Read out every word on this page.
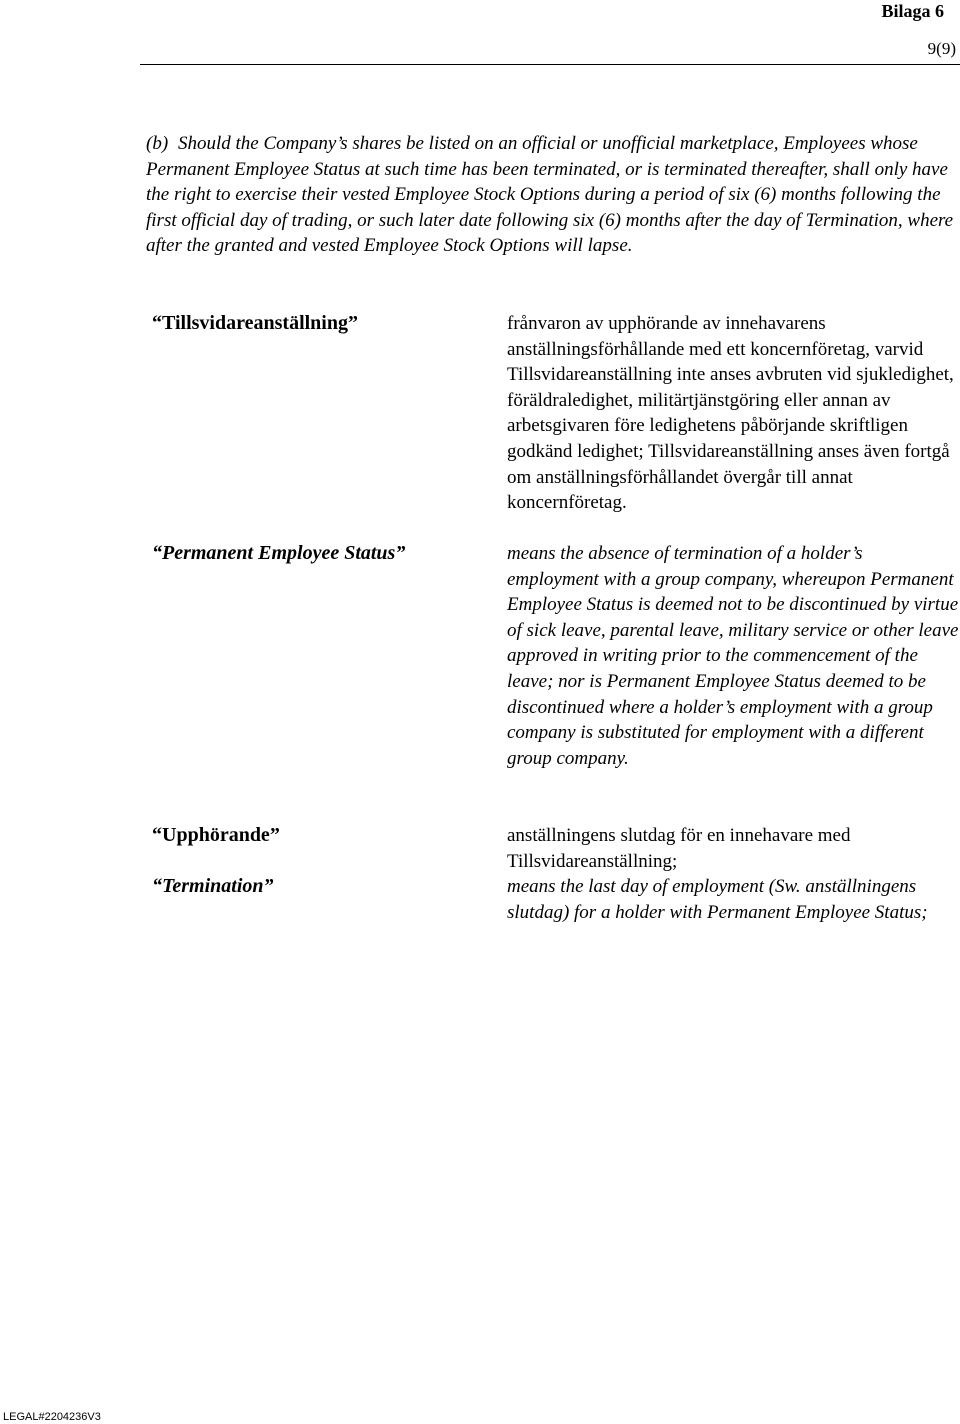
Bilaga 6
9(9)
(b) Should the Company’s shares be listed on an official or unofficial marketplace, Employees whose Permanent Employee Status at such time has been terminated, or is terminated thereafter, shall only have the right to exercise their vested Employee Stock Options during a period of six (6) months following the first official day of trading, or such later date following six (6) months after the day of Termination, where after the granted and vested Employee Stock Options will lapse.
“Tillsvidareanställning”	frånvaron av upphörande av innehavarens anställningsförhållande med ett koncernföretag, varvid Tillsvidareanställning inte anses avbruten vid sjukledighet, föräldraledighet, militärtjänstgöring eller annan av arbetsgivaren före ledighetens påbörjande skriftligen godkänd ledighet; Tillsvidareanställning anses även fortgå om anställningsförhållandet övergår till annat koncernföretag.
“Permanent Employee Status”	means the absence of termination of a holder’s employment with a group company, whereupon Permanent Employee Status is deemed not to be discontinued by virtue of sick leave, parental leave, military service or other leave approved in writing prior to the commencement of the leave; nor is Permanent Employee Status deemed to be discontinued where a holder’s employment with a group company is substituted for employment with a different group company.
“Upphörande”	anställningens slutdag för en innehavare med Tillsvidareanställning;
“Termination”	means the last day of employment (Sw. anställningens slutdag) for a holder with Permanent Employee Status;
LEGAL#2204236V3
